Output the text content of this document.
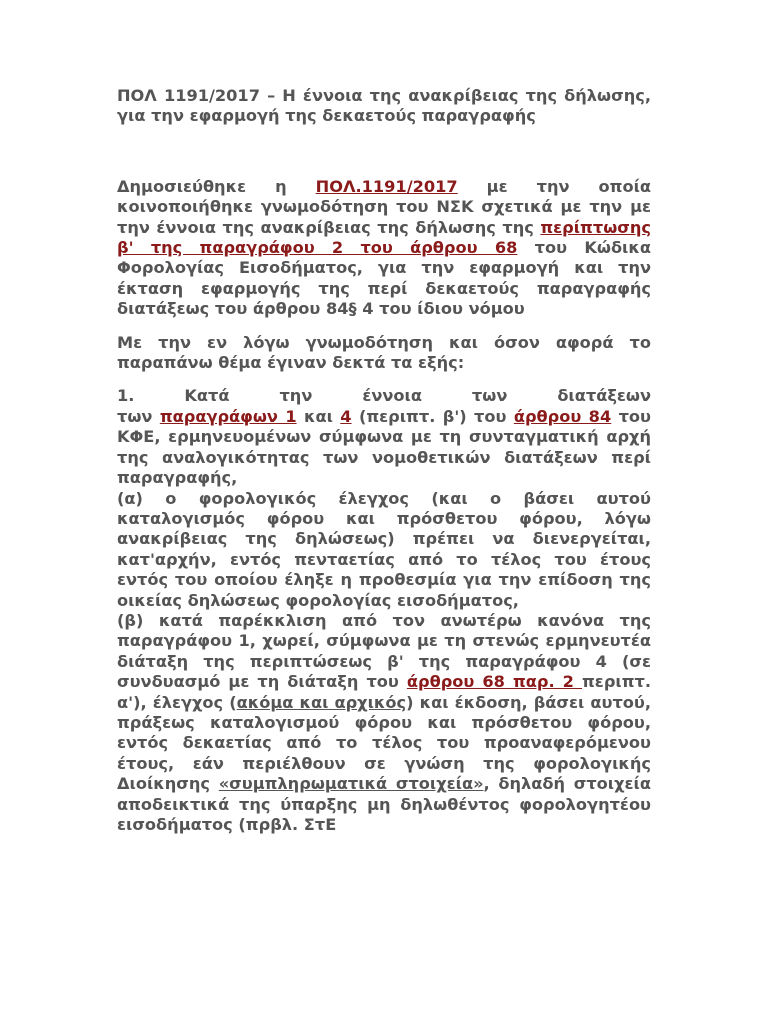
ΠΟΛ 1191/2017 – Η έννοια της ανακρίβειας της δήλωσης, για την εφαρμογή της δεκαετούς παραγραφής

Δημοσιεύθηκε η ΠΟΛ.1191/2017 με την οποία κοινοποιήθηκε γνωμοδότηση του ΝΣΚ σχετικά με την με την έννοια της ανακρίβειας της δήλωσης της περίπτωσης β' της παραγράφου 2 του άρθρου 68 του Κώδικα Φορολογίας Εισοδήματος, για την εφαρμογή και την έκταση εφαρμογής της περί δεκαετούς παραγραφής διατάξεως του άρθρου 84§ 4 του ίδιου νόμου

Με την εν λόγω γνωμοδότηση και όσον αφορά το παραπάνω θέμα έγιναν δεκτά τα εξής:

1. Κατά την έννοια των διατάξεων
των παραγράφων 1 και 4 (περιπτ. β') του άρθρου 84 του ΚΦΕ, ερμηνευομένων σύμφωνα με τη συνταγματική αρχή της αναλογικότητας των νομοθετικών διατάξεων περί παραγραφής,
(α) ο φορολογικός έλεγχος (και ο βάσει αυτού καταλογισμός φόρου και πρόσθετου φόρου, λόγω ανακρίβειας της δηλώσεως) πρέπει να διενεργείται, κατ'αρχήν, εντός πενταετίας από το τέλος του έτους εντός του οποίου έληξε η προθεσμία για την επίδοση της οικείας δηλώσεως φορολογίας εισοδήματος,
(β) κατά παρέκκλιση από τον ανωτέρω κανόνα της παραγράφου 1, χωρεί, σύμφωνα με τη στενώς ερμηνευτέα διάταξη της περιπτώσεως β' της παραγράφου 4 (σε συνδυασμό με τη διάταξη του άρθρου 68 παρ. 2 περιπτ. α'), έλεγχος (ακόμα και αρχικός) και έκδοση, βάσει αυτού, πράξεως καταλογισμού φόρου και πρόσθετου φόρου, εντός δεκαετίας από το τέλος του προαναφερόμενου έτους, εάν περιέλθουν σε γνώση της φορολογικής Διοίκησης «συμπληρωματικά στοιχεία», δηλαδή στοιχεία αποδεικτικά της ύπαρξης μη δηλωθέντος φορολογητέου εισοδήματος (πρβλ. ΣτΕ
